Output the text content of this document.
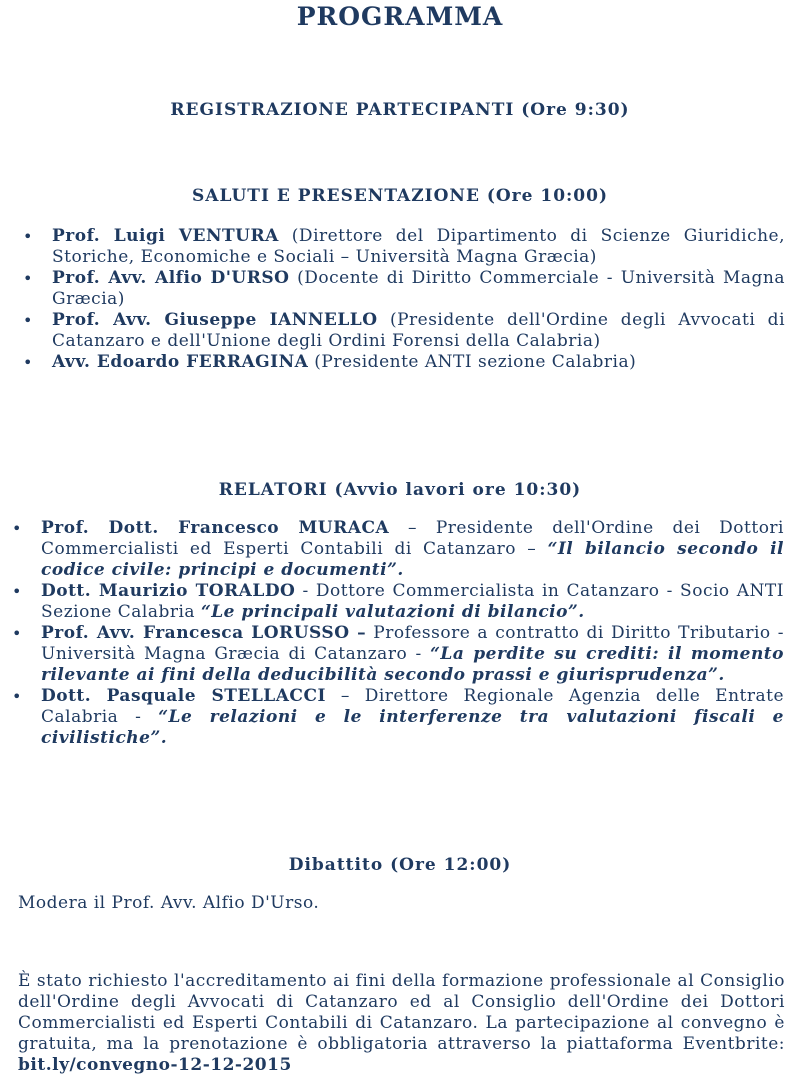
PROGRAMMA
REGISTRAZIONE PARTECIPANTI (Ore 9:30)
SALUTI E PRESENTAZIONE (Ore 10:00)
• Prof. Luigi VENTURA (Direttore del Dipartimento di Scienze Giuridiche, Storiche, Economiche e Sociali – Università Magna Græcia)
• Prof. Avv. Alfio D'URSO (Docente di Diritto Commerciale - Università Magna Græcia)
• Prof. Avv. Giuseppe IANNELLO (Presidente dell'Ordine degli Avvocati di Catanzaro e dell'Unione degli Ordini Forensi della Calabria)
• Avv. Edoardo FERRAGINA (Presidente ANTI sezione Calabria)
RELATORI (Avvio lavori ore 10:30)
• Prof. Dott. Francesco MURACA – Presidente dell'Ordine dei Dottori Commercialisti ed Esperti Contabili di Catanzaro – “Il bilancio secondo il codice civile: principi e documenti”.
• Dott. Maurizio TORALDO - Dottore Commercialista in Catanzaro - Socio ANTI Sezione Calabria “Le principali valutazioni di bilancio”.
• Prof. Avv. Francesca LORUSSO – Professore a contratto di Diritto Tributario - Università Magna Græcia di Catanzaro - “La perdite su crediti: il momento rilevante ai fini della deducibilità secondo prassi e giurisprudenza”.
• Dott. Pasquale STELLACCI – Direttore Regionale Agenzia delle Entrate Calabria - “Le relazioni e le interferenze tra valutazioni fiscali e civilistiche”.
Dibattito (Ore 12:00)
Modera il Prof. Avv. Alfio D'Urso.
È stato richiesto l'accreditamento ai fini della formazione professionale al Consiglio dell'Ordine degli Avvocati di Catanzaro ed al Consiglio dell'Ordine dei Dottori Commercialisti ed Esperti Contabili di Catanzaro. La partecipazione al convegno è gratuita, ma la prenotazione è obbligatoria attraverso la piattaforma Eventbrite: bit.ly/convegno-12-12-2015
